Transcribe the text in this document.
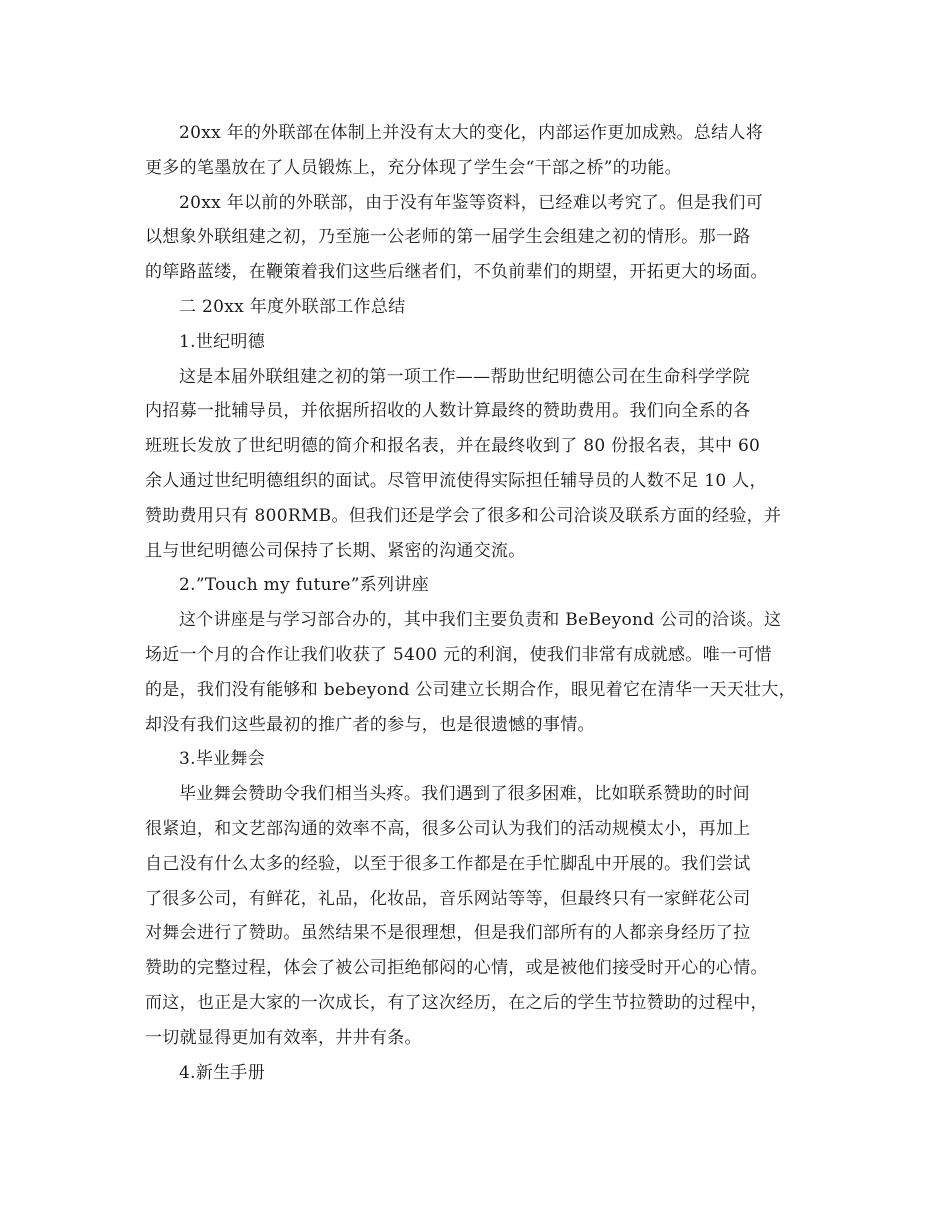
20xx 年的外联部在体制上并没有太大的变化，内部运作更加成熟。总结人将
更多的笔墨放在了人员锻炼上，充分体现了学生会“干部之桥”的功能。
20xx 年以前的外联部，由于没有年鉴等资料，已经难以考究了。但是我们可
以想象外联组建之初，乃至施一公老师的第一届学生会组建之初的情形。那一路
的筚路蓝缕，在鞭策着我们这些后继者们，不负前辈们的期望，开拓更大的场面。
二 20xx 年度外联部工作总结
1.世纪明德
这是本届外联组建之初的第一项工作——帮助世纪明德公司在生命科学学院
内招募一批辅导员，并依据所招收的人数计算最终的赞助费用。我们向全系的各
班班长发放了世纪明德的简介和报名表，并在最终收到了 80 份报名表，其中 60
余人通过世纪明德组织的面试。尽管甲流使得实际担任辅导员的人数不足 10 人，
赞助费用只有 800RMB。但我们还是学会了很多和公司洽谈及联系方面的经验，并
且与世纪明德公司保持了长期、紧密的沟通交流。
2.”Touch my future”系列讲座
这个讲座是与学习部合办的，其中我们主要负责和 BeBeyond 公司的洽谈。这
场近一个月的合作让我们收获了 5400 元的利润，使我们非常有成就感。唯一可惜
的是，我们没有能够和 bebeyond 公司建立长期合作，眼见着它在清华一天天壮大，
却没有我们这些最初的推广者的参与，也是很遗憾的事情。
3.毕业舞会
毕业舞会赞助令我们相当头疼。我们遇到了很多困难，比如联系赞助的时间
很紧迫，和文艺部沟通的效率不高，很多公司认为我们的活动规模太小，再加上
自己没有什么太多的经验，以至于很多工作都是在手忙脚乱中开展的。我们尝试
了很多公司，有鲜花，礼品，化妆品，音乐网站等等，但最终只有一家鲜花公司
对舞会进行了赞助。虽然结果不是很理想，但是我们部所有的人都亲身经历了拉
赞助的完整过程，体会了被公司拒绝郁闷的心情，或是被他们接受时开心的心情。
而这，也正是大家的一次成长，有了这次经历，在之后的学生节拉赞助的过程中，
一切就显得更加有效率，井井有条。
4.新生手册
